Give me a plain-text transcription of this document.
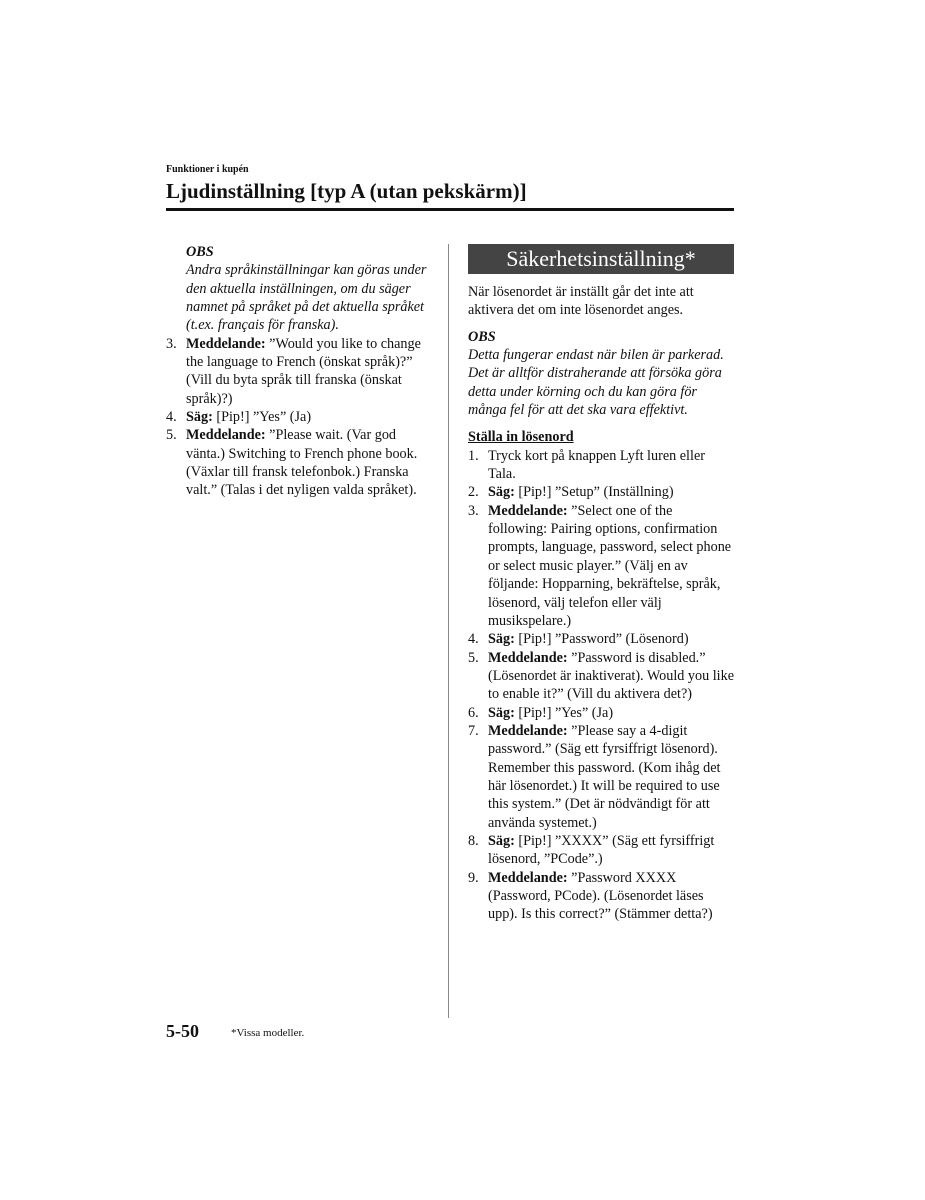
Funktioner i kupén
Ljudinställning [typ A (utan pekskärm)]
OBS
Andra språkinställningar kan göras under den aktuella inställningen, om du säger namnet på språket på det aktuella språket (t.ex. français för franska).
3. Meddelande: ”Would you like to change the language to French (önskat språk)?” (Vill du byta språk till franska (önskat språk)?)
4. Säg: [Pip!] ”Yes” (Ja)
5. Meddelande: ”Please wait. (Var god vänta.) Switching to French phone book. (Växlar till fransk telefonbok.) Franska valt.” (Talas i det nyligen valda språket).
Säkerhetsinställning*

När lösenordet är inställt går det inte att aktivera det om inte lösenordet anges.

OBS
Detta fungerar endast när bilen är parkerad. Det är alltför distraherande att försöka göra detta under körning och du kan göra för många fel för att det ska vara effektivt.
Ställa in lösenord
1. Tryck kort på knappen Lyft luren eller Tala.
2. Säg: [Pip!] ”Setup” (Inställning)
3. Meddelande: ”Select one of the following: Pairing options, confirmation prompts, language, password, select phone or select music player.” (Välj en av följande: Hopparning, bekräftelse, språk, lösenord, välj telefon eller välj musikspelare.)
4. Säg: [Pip!] ”Password” (Lösenord)
5. Meddelande: ”Password is disabled.” (Lösenordet är inaktiverat). Would you like to enable it?” (Vill du aktivera det?)
6. Säg: [Pip!] ”Yes” (Ja)
7. Meddelande: ”Please say a 4-digit password.” (Säg ett fyrsiffrigt lösenord). Remember this password. (Kom ihåg det här lösenordet.) It will be required to use this system.” (Det är nödvändigt för att använda systemet.)
8. Säg: [Pip!] ”XXXX” (Säg ett fyrsiffrigt lösenord, ”PCode”.)
9. Meddelande: ”Password XXXX (Password, PCode). (Lösenordet läses upp). Is this correct?” (Stämmer detta?)
5-50	*Vissa modeller.
